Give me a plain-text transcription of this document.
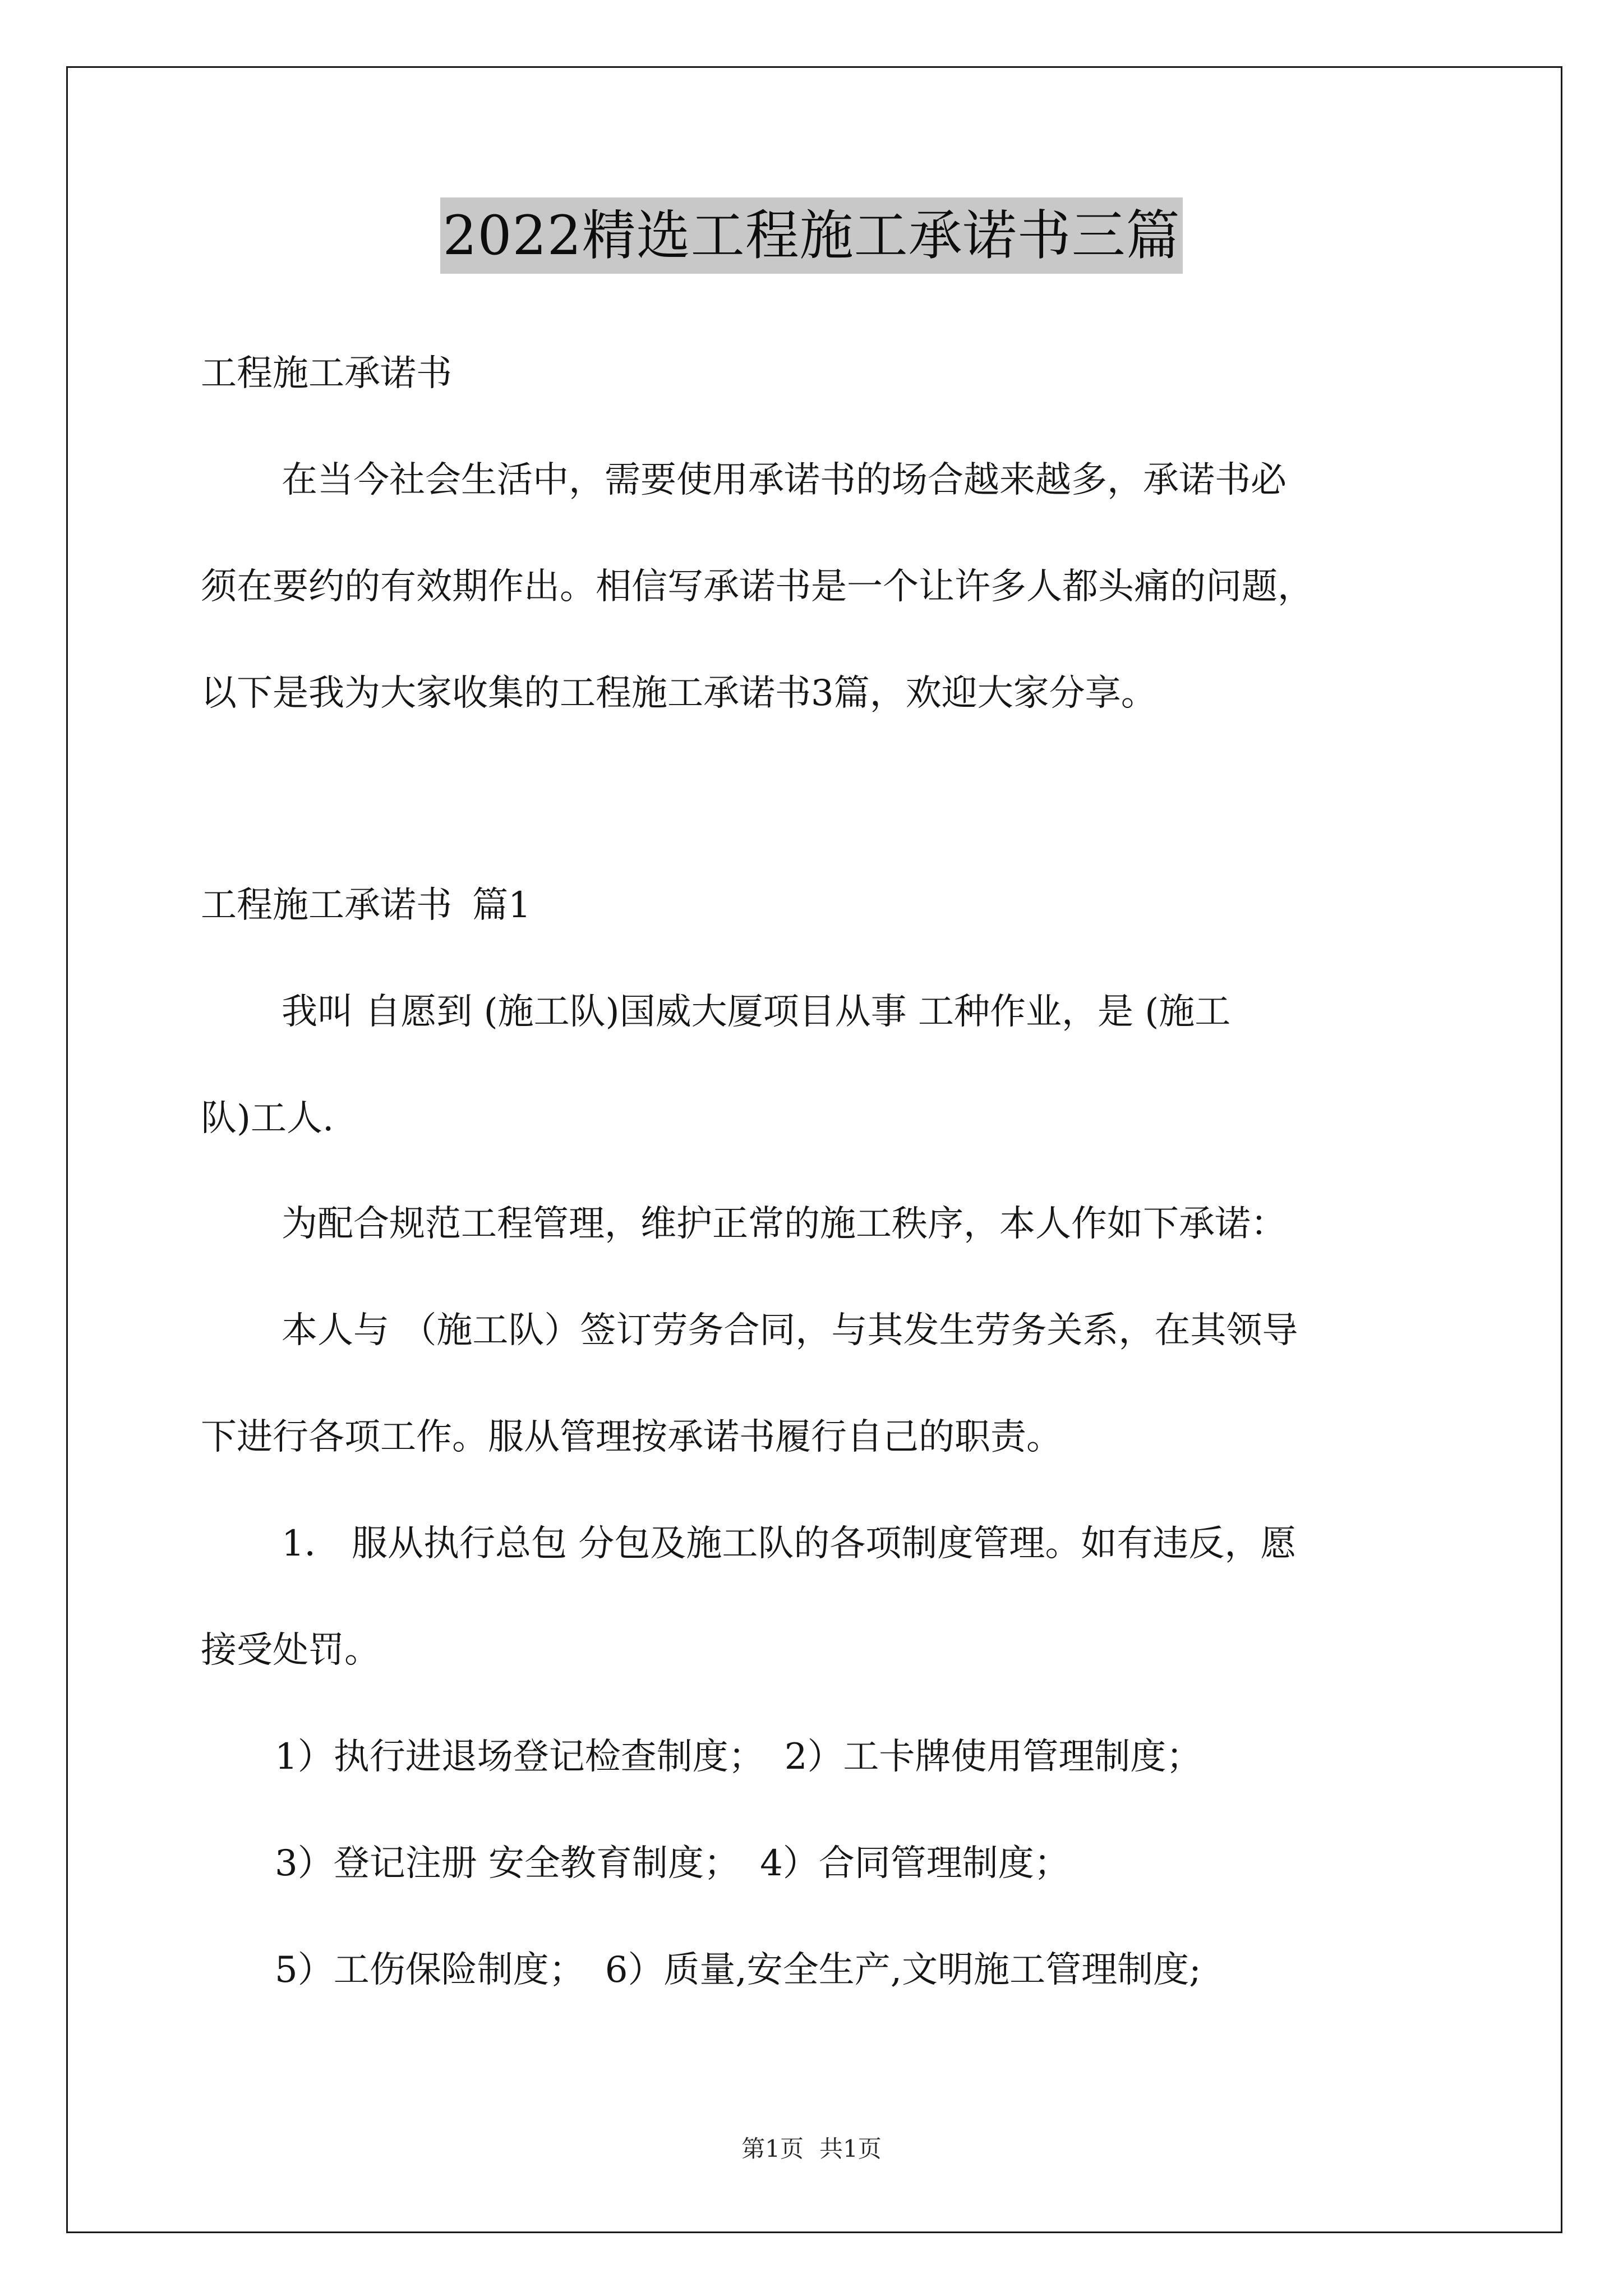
2022精选工程施工承诺书三篇
工程施工承诺书
在当今社会生活中，需要使用承诺书的场合越来越多，承诺书必
须在要约的有效期作出。相信写承诺书是一个让许多人都头痛的问题，
以下是我为大家收集的工程施工承诺书3篇，欢迎大家分享。
工程施工承诺书 篇1
我叫 自愿到 (施工队)国威大厦项目从事 工种作业，是 (施工
队)工人.
为配合规范工程管理，维护正常的施工秩序，本人作如下承诺：
本人与 （施工队）签订劳务合同，与其发生劳务关系，在其领导
下进行各项工作。服从管理按承诺书履行自己的职责。
1． 服从执行总包 分包及施工队的各项制度管理。如有违反，愿
接受处罚。
1）执行进退场登记检查制度； 2）工卡牌使用管理制度；
3）登记注册 安全教育制度； 4）合同管理制度；
5）工伤保险制度； 6）质量,安全生产,文明施工管理制度;
第1页 共1页
